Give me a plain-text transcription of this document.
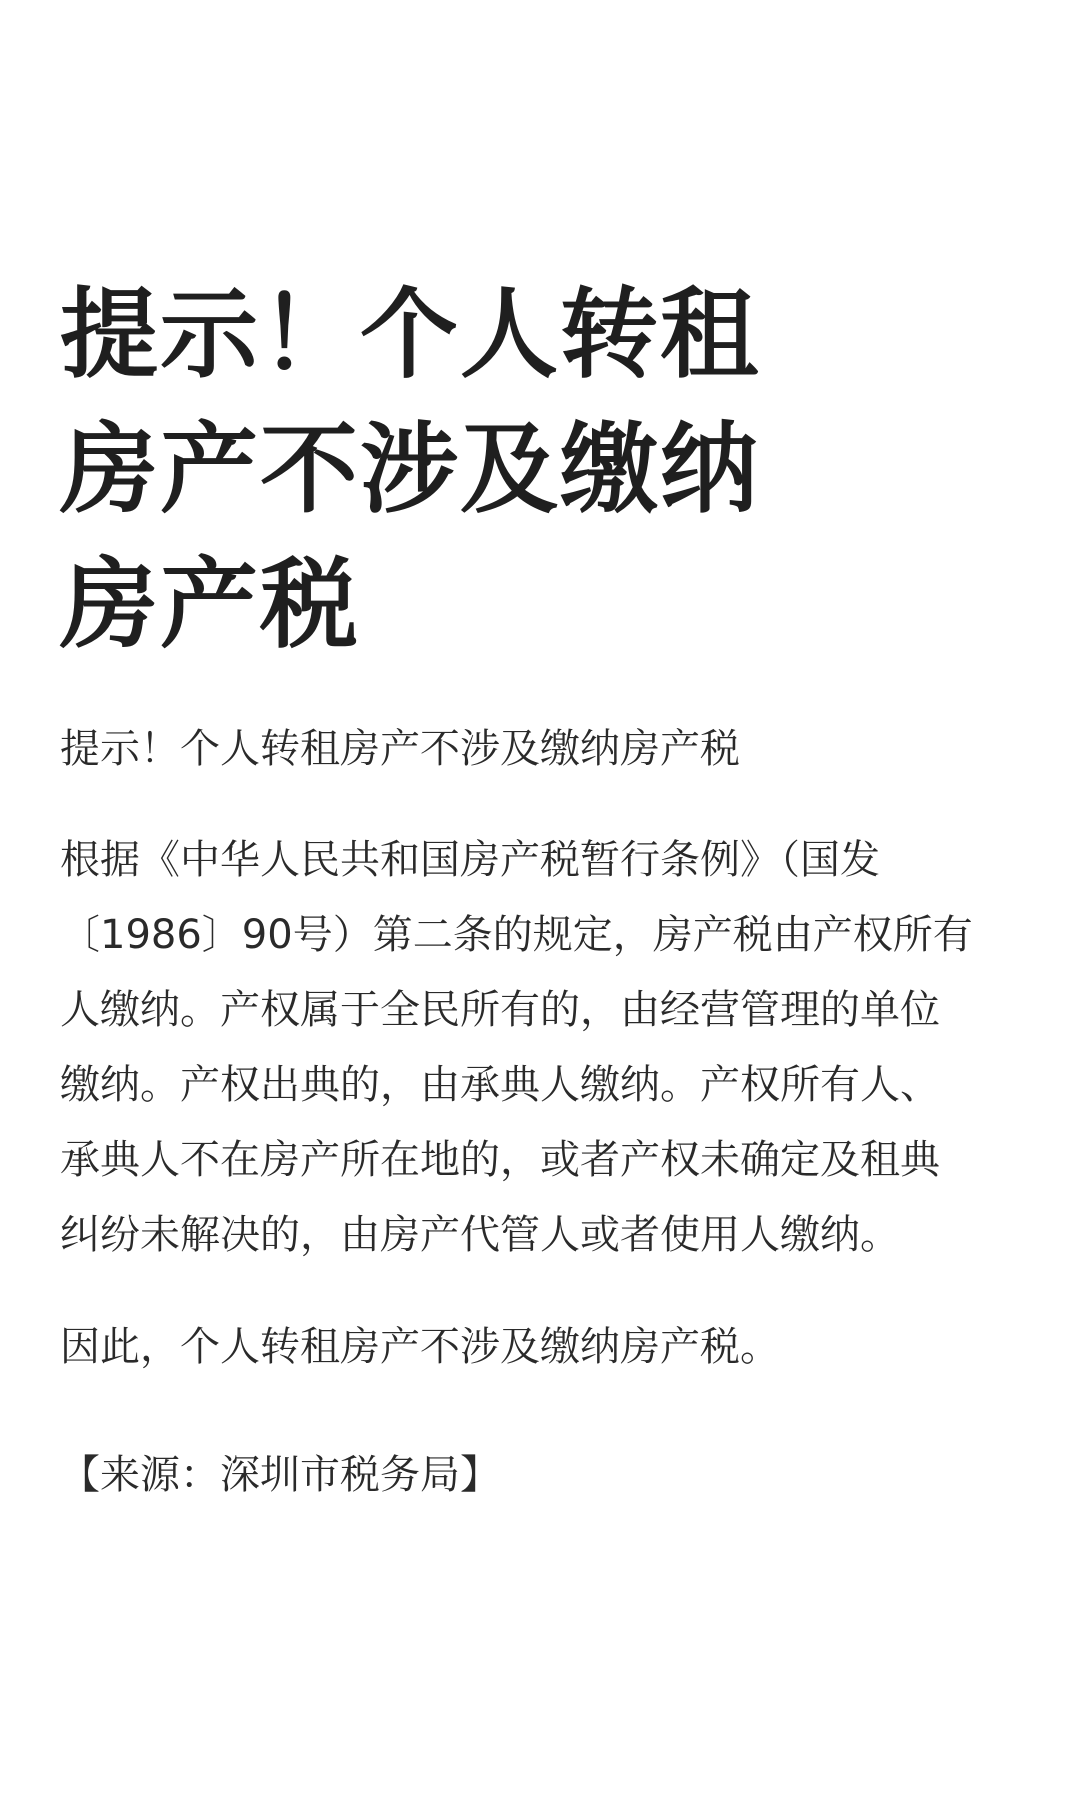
提示！个人转租
房产不涉及缴纳
房产税

提示！个人转租房产不涉及缴纳房产税

根据《中华人民共和国房产税暂行条例》（国发
〔1986〕90号）第二条的规定，房产税由产权所有
人缴纳。产权属于全民所有的，由经营管理的单位
缴纳。产权出典的，由承典人缴纳。产权所有人、
承典人不在房产所在地的，或者产权未确定及租典
纠纷未解决的，由房产代管人或者使用人缴纳。

因此，个人转租房产不涉及缴纳房产税。

【来源：深圳市税务局】
